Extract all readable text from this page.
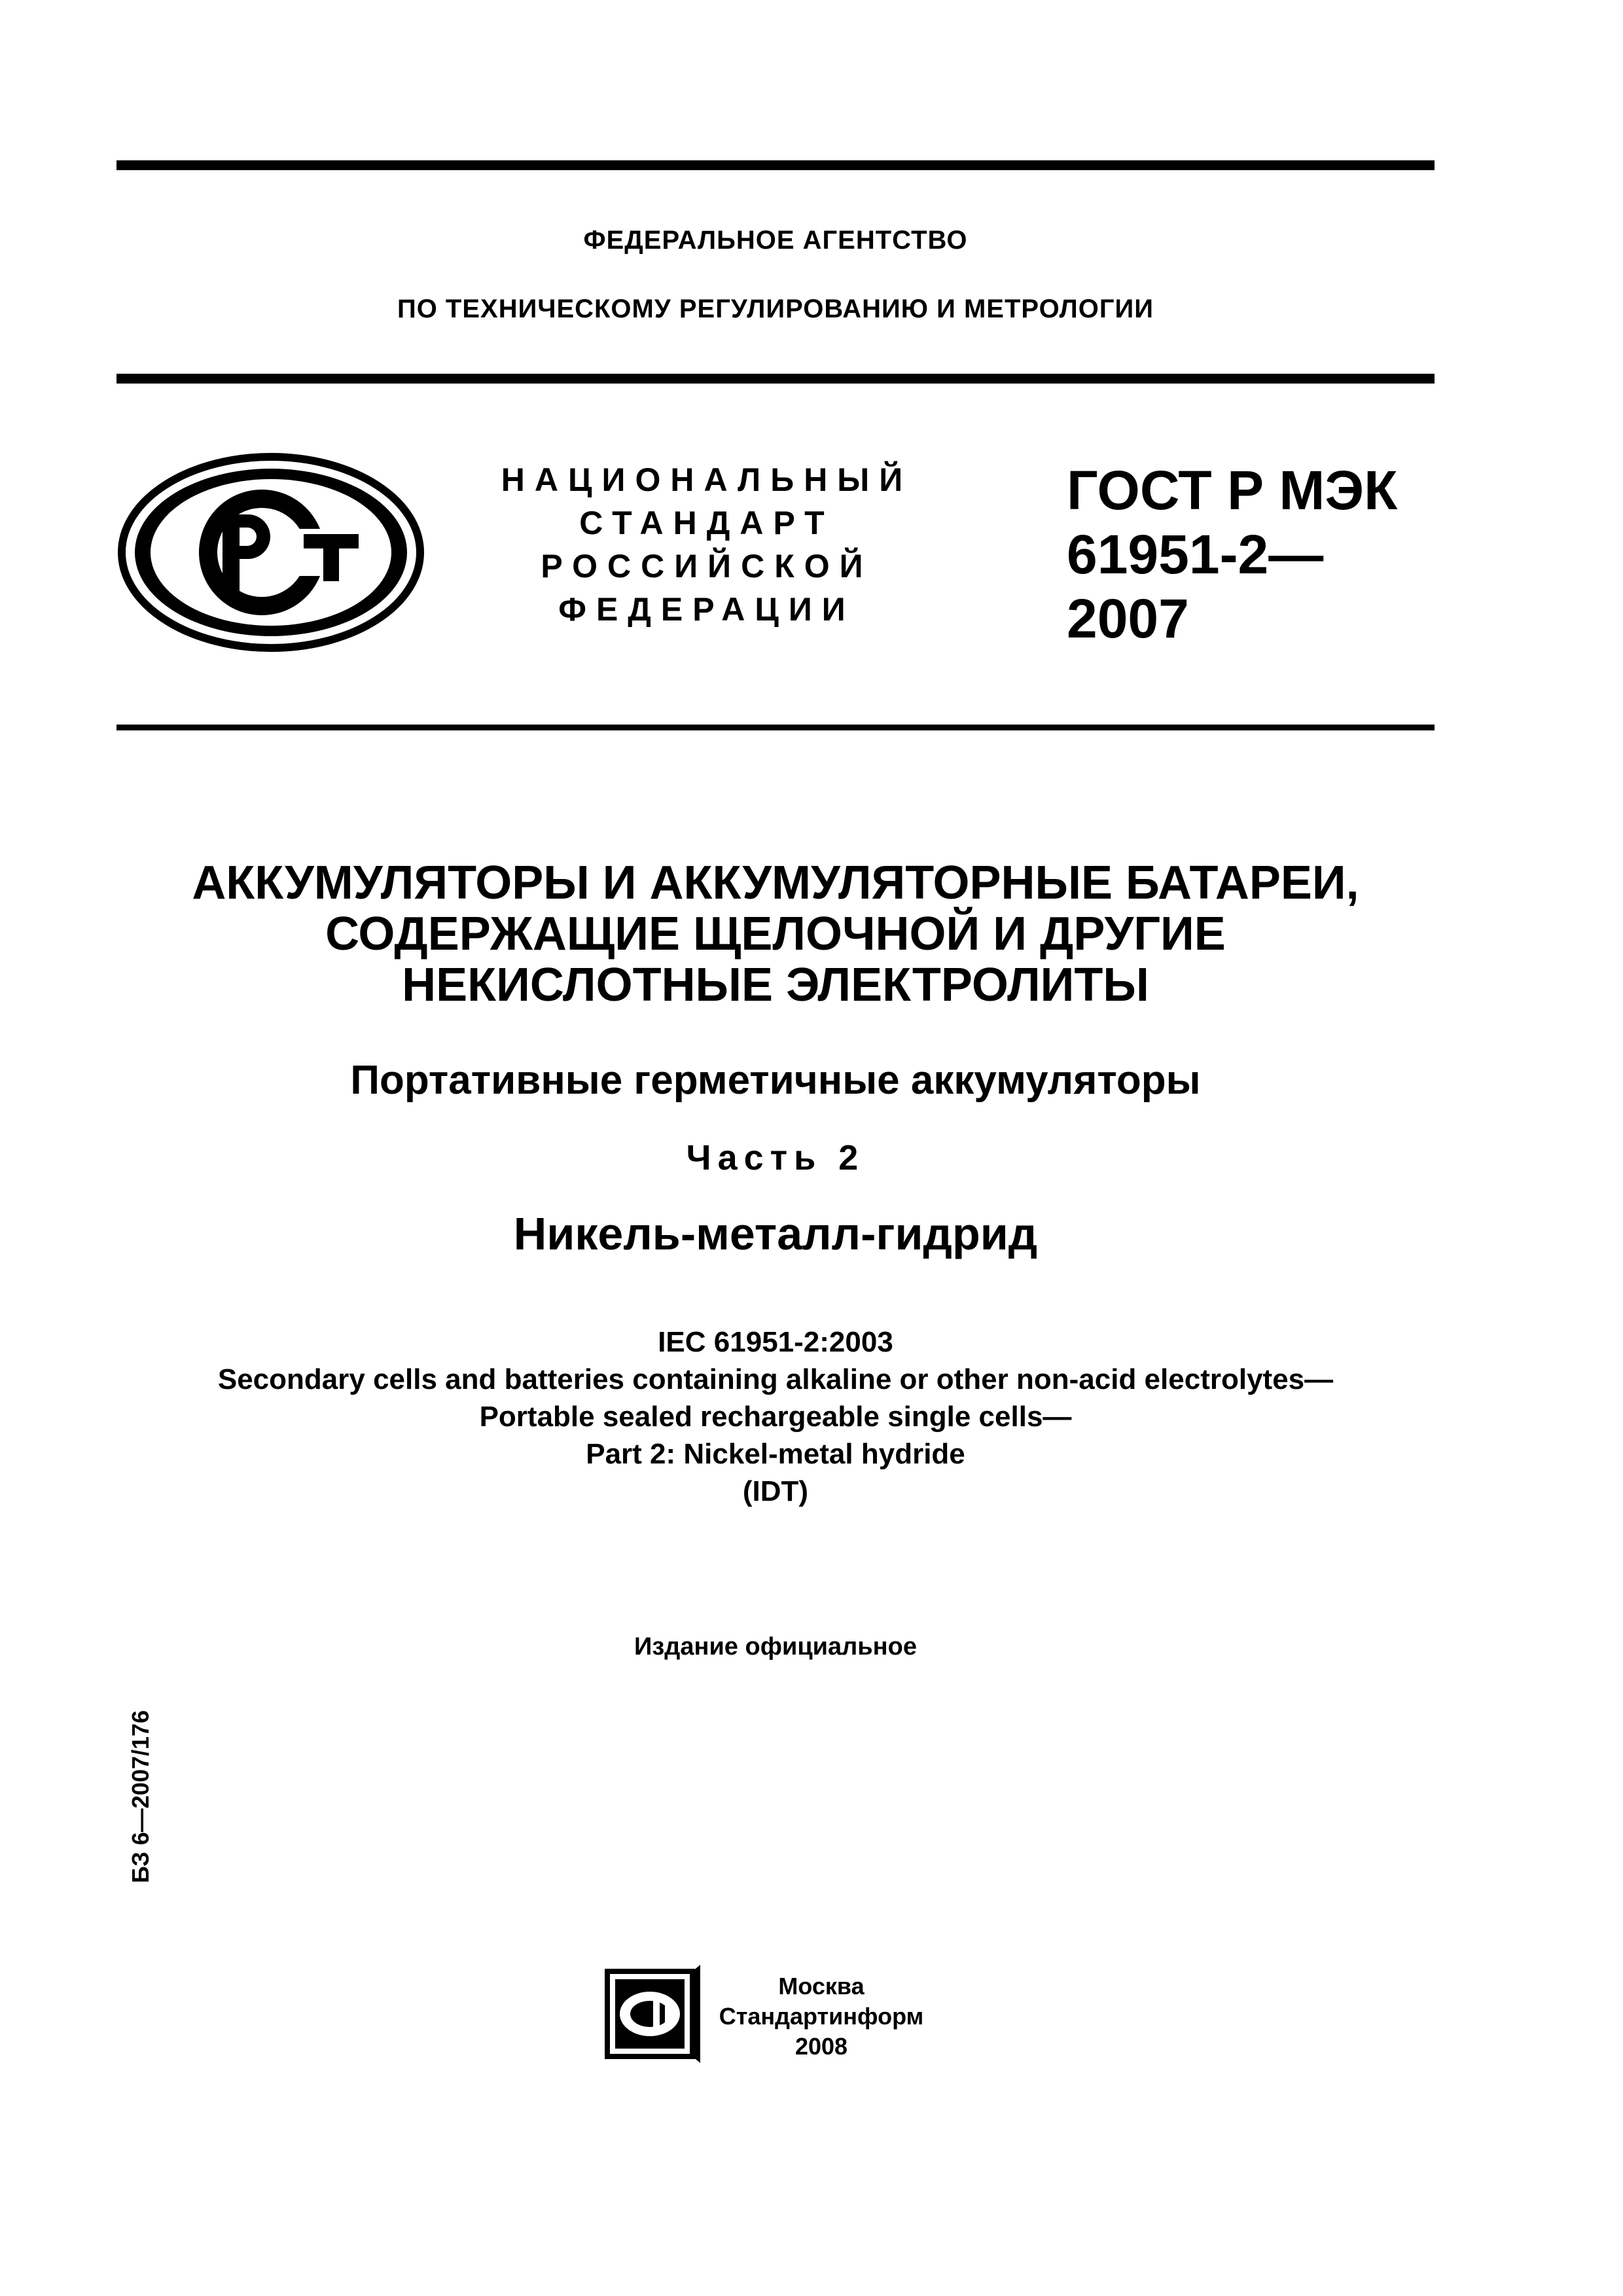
ФЕДЕРАЛЬНОЕ АГЕНТСТВО
ПО ТЕХНИЧЕСКОМУ РЕГУЛИРОВАНИЮ И МЕТРОЛОГИИ
НАЦИОНАЛЬНЫЙ
СТАНДАРТ
РОССИЙСКОЙ
ФЕДЕРАЦИИ
ГОСТ Р МЭК
61951-2—
2007
АККУМУЛЯТОРЫ И АККУМУЛЯТОРНЫЕ БАТАРЕИ,
СОДЕРЖАЩИЕ ЩЕЛОЧНОЙ И ДРУГИЕ
НЕКИСЛОТНЫЕ ЭЛЕКТРОЛИТЫ
Портативные герметичные аккумуляторы
Часть 2
Никель-металл-гидрид
IEC 61951-2:2003
Secondary cells and batteries containing alkaline or other non-acid electrolytes—
Portable sealed rechargeable single cells—
Part 2: Nickel-metal hydride
(IDT)
Издание официальное
БЗ 6—2007/176
Москва
Стандартинформ
2008
